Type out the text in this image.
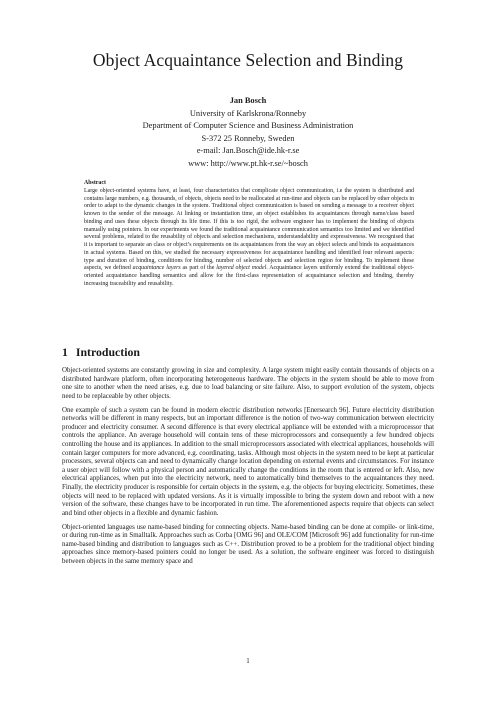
Object Acquaintance Selection and Binding
Jan Bosch
University of Karlskrona/Ronneby
Department of Computer Science and Business Administration
S-372 25 Ronneby, Sweden
e-mail: Jan.Bosch@ide.hk-r.se
www: http://www.pt.hk-r.se/~bosch
Abstract
Large object-oriented systems have, at least, four characteristics that complicate object communication, i.e the system is distributed and contains large numbers, e.g. thousands, of objects, objects need to be reallocated at run-time and objects can be replaced by other objects in order to adapt to the dynamic changes in the system. Traditional object communication is based on sending a message to a receiver object known to the sender of the message. At linking or instantiation time, an object establishes its acquaintances through name/class based binding and uses these objects through its life time. If this is too rigid, the software engineer has to implement the binding of objects manually using pointers. In our experiments we found the traditional acquaintance communication semantics too limited and we identified several problems, related to the reusability of objects and selection mechanisms, understandability and expressiveness. We recognised that it is important to separate an class or object’s requirements on its acquaintances from the way an object selects and binds its acquaintances in actual systems. Based on this, we studied the necessary expressiveness for acquaintance handling and identified four relevant aspects: type and duration of binding, conditions for binding, number of selected objects and selection region for binding. To implement these aspects, we defined acquaintance layers as part of the layered object model. Acquaintance layers uniformly extend the traditional object-oriented acquaintance handling semantics and allow for the first-class representation of acquaintance selection and binding, thereby increasing traceability and reusability.
1 Introduction

Object-oriented systems are constantly growing in size and complexity. A large system might easily contain thousands of objects on a distributed hardware platform, often incorporating heterogeneous hardware. The objects in the system should be able to move from one site to another when the need arises, e.g. due to load balancing or site failure. Also, to support evolution of the system, objects need to be replaceable by other objects.

One example of such a system can be found in modern electric distribution networks [Enersearch 96]. Future electricity distribution networks will be different in many respects, but an important difference is the notion of two-way communication between electricity producer and electricity consumer. A second difference is that every electrical appliance will be extended with a microprocessor that controls the appliance. An average household will contain tens of these microprocessors and consequently a few hundred objects controlling the house and its appliances. In addition to the small microprocessors associated with electrical appliances, households will contain larger computers for more advanced, e.g. coordinating, tasks. Although most objects in the system need to be kept at particular processors, several objects can and need to dynamically change location depending on external events and circumstances. For instance a user object will follow with a physical person and automatically change the conditions in the room that is entered or left. Also, new electrical appliances, when put into the electricity network, need to automatically bind themselves to the acquaintances they need. Finally, the electricity producer is responsible for certain objects in the system, e.g. the objects for buying electricity. Sometimes, these objects will need to be replaced with updated versions. As it is virtually impossible to bring the system down and reboot with a new version of the software, these changes have to be incorporated in run time. The aforementioned aspects require that objects can select and bind other objects in a flexible and dynamic fashion.

Object-oriented languages use name-based binding for connecting objects. Name-based binding can be done at compile- or link-time, or during run-time as in Smalltalk. Approaches such as Corba [OMG 96] and OLE/COM [Microsoft 96] add functionality for run-time name-based binding and distribution to languages such as C++. Distribution proved to be a problem for the traditional object binding approaches since memory-based pointers could no longer be used. As a solution, the software engineer was forced to distinguish between objects in the same memory space and

1
